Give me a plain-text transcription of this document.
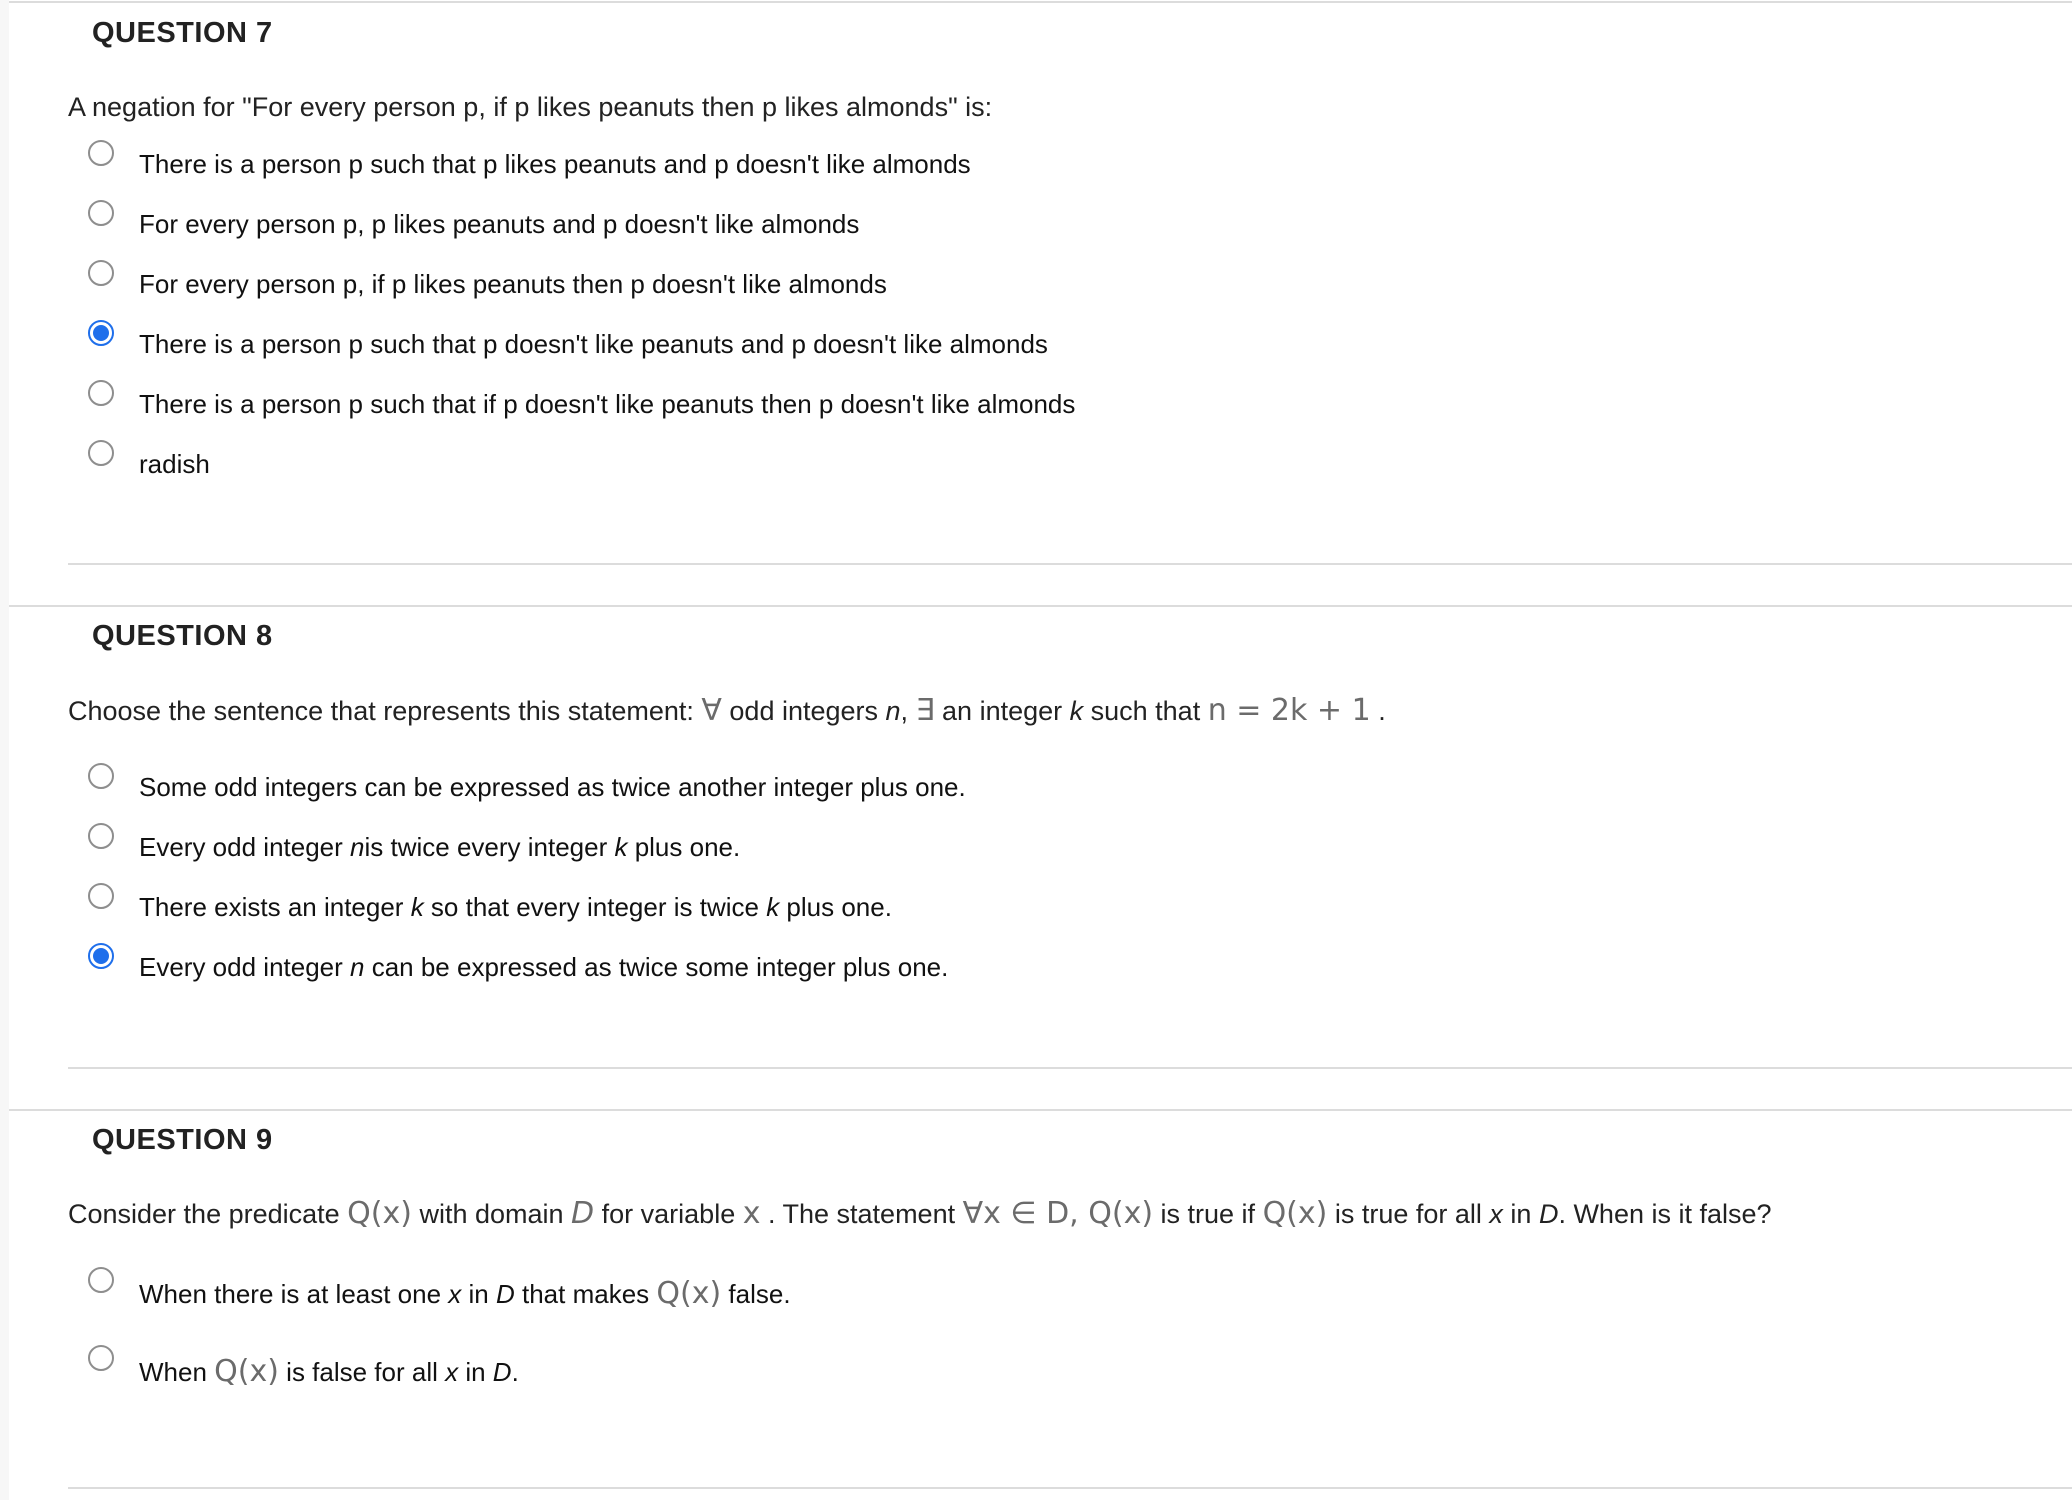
QUESTION 7
A negation for "For every person p, if p likes peanuts then p likes almonds" is:
There is a person p such that p likes peanuts and p doesn't like almonds
For every person p, p likes peanuts and p doesn't like almonds
For every person p, if p likes peanuts then p doesn't like almonds
There is a person p such that p doesn't like peanuts and p doesn't like almonds
There is a person p such that if p doesn't like peanuts then p doesn't like almonds
radish
QUESTION 8
Choose the sentence that represents this statement: ∀ odd integers n, ∃ an integer k such that n = 2k + 1 .
Some odd integers can be expressed as twice another integer plus one.
Every odd integer nis twice every integer k plus one.
There exists an integer k so that every integer is twice k plus one.
Every odd integer n can be expressed as twice some integer plus one.
QUESTION 9
Consider the predicate Q(x) with domain D for variable x . The statement ∀x ∈ D, Q(x) is true if Q(x) is true for all x in D. When is it false?
When there is at least one x in D that makes Q(x) false.
When Q(x) is false for all x in D.
